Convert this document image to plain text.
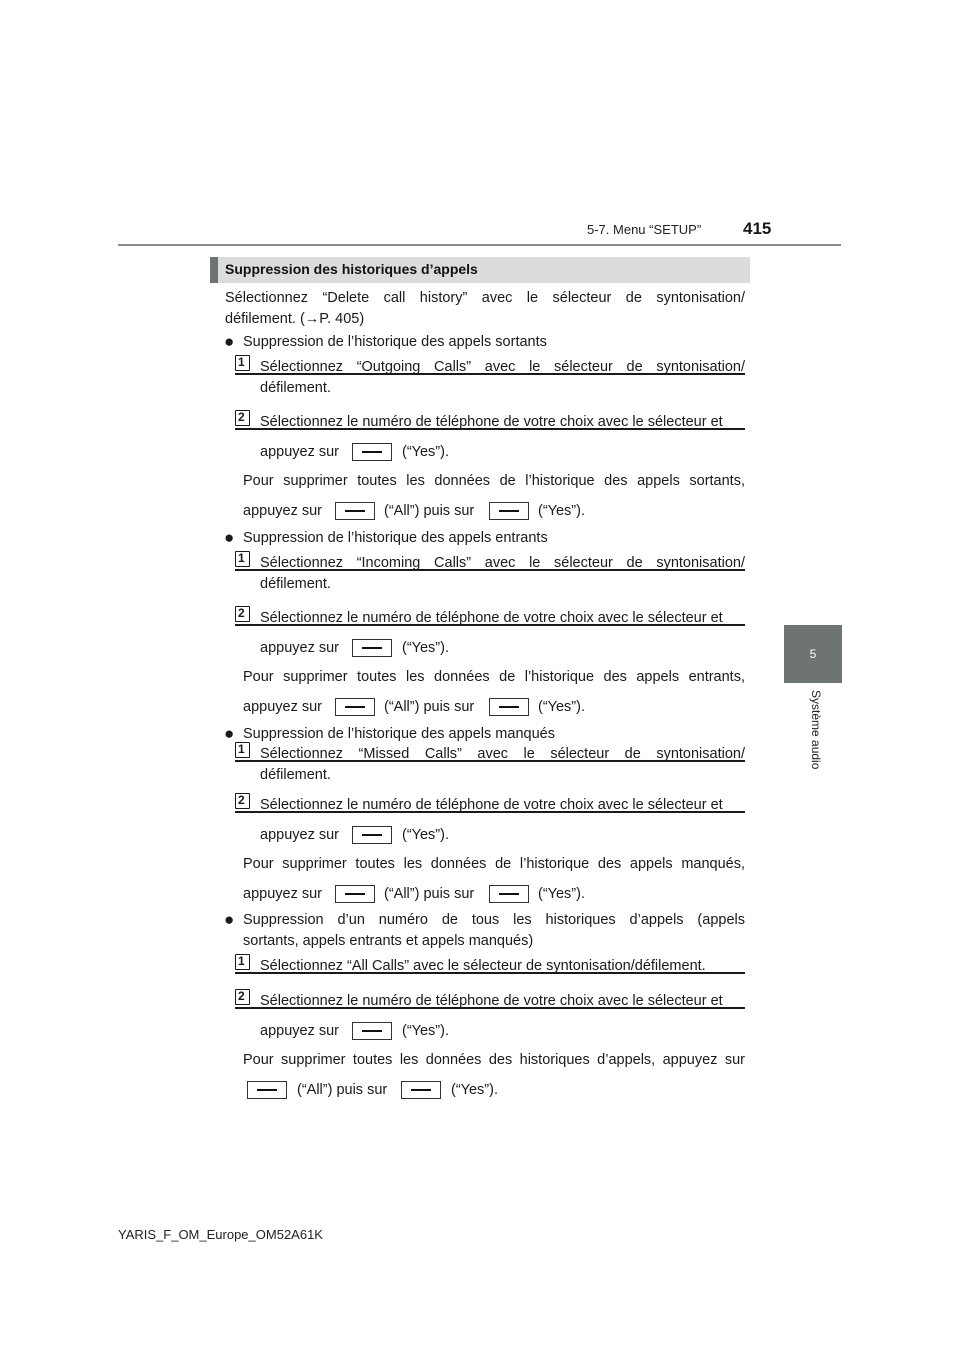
5-7. Menu “SETUP” 415
5
Système audio
Suppression des historiques d’appels
Sélectionnez “Delete call history” avec le sélecteur de syntonisation/
défilement. (→P. 405)
● Suppression de l’historique des appels sortants
1 Sélectionnez “Outgoing Calls” avec le sélecteur de syntonisation/
défilement.
2 Sélectionnez le numéro de téléphone de votre choix avec le sélecteur et
appuyez sur	(“Yes”).
Pour supprimer toutes les données de l’historique des appels sortants,
appuyez sur	(“All”) puis sur	(“Yes”).
● Suppression de l’historique des appels entrants
1 Sélectionnez “Incoming Calls” avec le sélecteur de syntonisation/
défilement.
2 Sélectionnez le numéro de téléphone de votre choix avec le sélecteur et
appuyez sur	(“Yes”).
Pour supprimer toutes les données de l’historique des appels entrants,
appuyez sur	(“All”) puis sur	(“Yes”).
● Suppression de l’historique des appels manqués
1 Sélectionnez “Missed Calls” avec le sélecteur de syntonisation/
défilement.
2 Sélectionnez le numéro de téléphone de votre choix avec le sélecteur et
appuyez sur	(“Yes”).
Pour supprimer toutes les données de l’historique des appels manqués,
appuyez sur	(“All”) puis sur	(“Yes”).
● Suppression d’un numéro de tous les historiques d’appels (appels
sortants, appels entrants et appels manqués)
1 Sélectionnez “All Calls” avec le sélecteur de syntonisation/défilement.
2 Sélectionnez le numéro de téléphone de votre choix avec le sélecteur et
appuyez sur	(“Yes”).
Pour supprimer toutes les données des historiques d’appels, appuyez sur
(“All”) puis sur	(“Yes”).
YARIS_F_OM_Europe_OM52A61K
